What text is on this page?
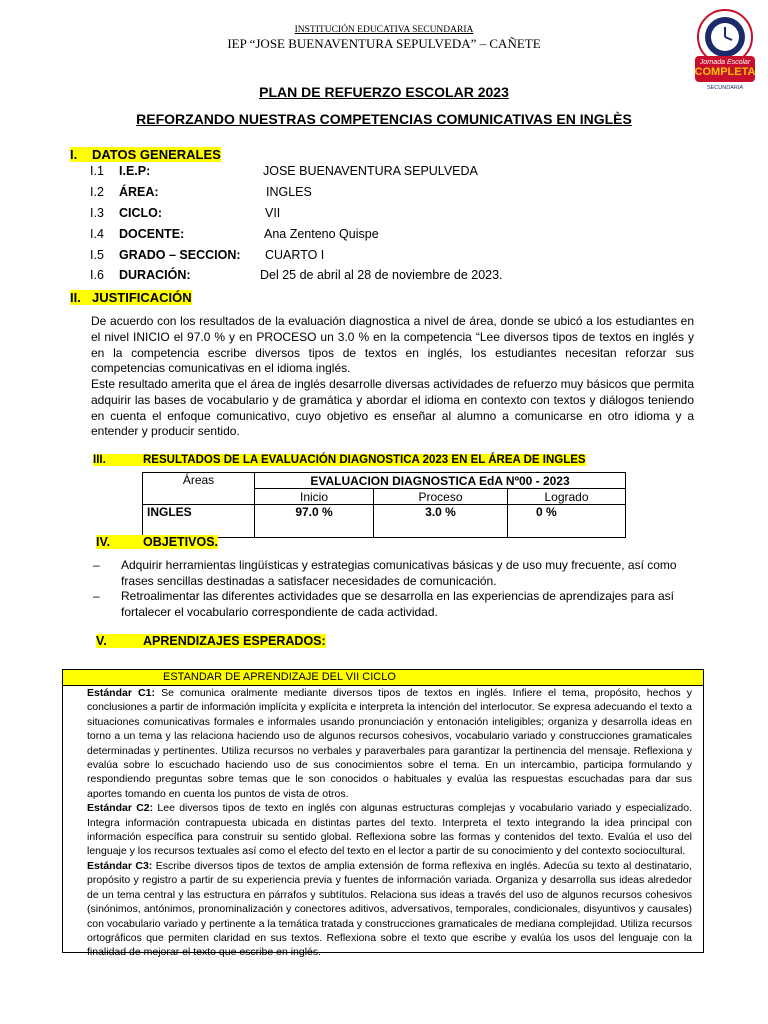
INSTITUCIÓN EDUCATIVA SECUNDARIA
IEP “JOSE BUENAVENTURA SEPULVEDA” – CAÑETE
Jornada Escolar
COMPLETA
SECUNDARIA
PLAN DE REFUERZO ESCOLAR 2023
REFORZANDO NUESTRAS COMPETENCIAS COMUNICATIVAS EN INGLÈS
I. DATOS GENERALES
I.1 I.E.P:	JOSE BUENAVENTURA SEPULVEDA
I.2 ÁREA:	INGLES
I.3 CICLO:	VII
I.4 DOCENTE:	Ana Zenteno Quispe
I.5 GRADO – SECCION: CUARTO I
I.6 DURACIÓN:	Del 25 de abril al 28 de noviembre de 2023.
II. JUSTIFICACIÓN
De acuerdo con los resultados de la evaluación diagnostica a nivel de área, donde se ubicó a los estudiantes en el nivel INICIO el 97.0 % y en PROCESO un 3.0 % en la competencia “Lee diversos tipos de textos en inglés y en la competencia escribe diversos tipos de textos en inglés, los estudiantes necesitan reforzar sus competencias comunicativas en el idioma inglés.
Este resultado amerita que el área de inglés desarrolle diversas actividades de refuerzo muy básicos que permita adquirir las bases de vocabulario y de gramática y abordar el idioma en contexto con textos y diálogos teniendo en cuenta el enfoque comunicativo, cuyo objetivo es enseñar al alumno a comunicarse en otro idioma y a entender y producir sentido.
III.	RESULTADOS DE LA EVALUACIÓN DIAGNOSTICA 2023 EN EL ÁREA DE INGLES
Áreas	EVALUACION DIAGNOSTICA EdA Nº00 - 2023		
	Inicio	Proceso	Logrado
INGLES	97.0 %	3.0 %	0 %
IV.	OBJETIVOS.
– Adquirir herramientas lingüísticas y estrategias comunicativas básicas y de uso muy frecuente, así como frases sencillas destinadas a satisfacer necesidades de comunicación.
– Retroalimentar las diferentes actividades que se desarrolla en las experiencias de aprendizajes para así fortalecer el vocabulario correspondiente de cada actividad.
V.	APRENDIZAJES ESPERADOS:
ESTANDAR DE APRENDIZAJE DEL VII CICLO
Estándar C1: Se comunica oralmente mediante diversos tipos de textos en inglés. Infiere el tema, propósito, hechos y conclusiones a partir de información implícita y explícita e interpreta la intención del interlocutor. Se expresa adecuando el texto a situaciones comunicativas formales e informales usando pronunciación y entonación inteligibles; organiza y desarrolla ideas en torno a un tema y las relaciona haciendo uso de algunos recursos cohesivos, vocabulario variado y construcciones gramaticales determinadas y pertinentes. Utiliza recursos no verbales y paraverbales para garantizar la pertinencia del mensaje. Reflexiona y evalúa sobre lo escuchado haciendo uso de sus conocimientos sobre el tema. En un intercambio, participa formulando y respondiendo preguntas sobre temas que le son conocidos o habituales y evalúa las respuestas escuchadas para dar sus aportes tomando en cuenta los puntos de vista de otros.
Estándar C2: Lee diversos tipos de texto en inglés con algunas estructuras complejas y vocabulario variado y especializado. Integra información contrapuesta ubicada en distintas partes del texto. Interpreta el texto integrando la idea principal con información específica para construir su sentido global. Reflexiona sobre las formas y contenidos del texto. Evalúa el uso del lenguaje y los recursos textuales así como el efecto del texto en el lector a partir de su conocimiento y del contexto sociocultural.
Estándar C3: Escribe diversos tipos de textos de amplia extensión de forma reflexiva en inglés. Adecúa su texto al destinatario, propósito y registro a partir de su experiencia previa y fuentes de información variada. Organiza y desarrolla sus ideas alrededor de un tema central y las estructura en párrafos y subtítulos. Relaciona sus ideas a través del uso de algunos recursos cohesivos (sinónimos, antónimos, pronominalización y conectores aditivos, adversativos, temporales, condicionales, disyuntivos y causales) con vocabulario variado y pertinente a la temática tratada y construcciones gramaticales de mediana complejidad. Utiliza recursos ortográficos que permiten claridad en sus textos. Reflexiona sobre el texto que escribe y evalúa los usos del lenguaje con la finalidad de mejorar el texto que escribe en inglés.
